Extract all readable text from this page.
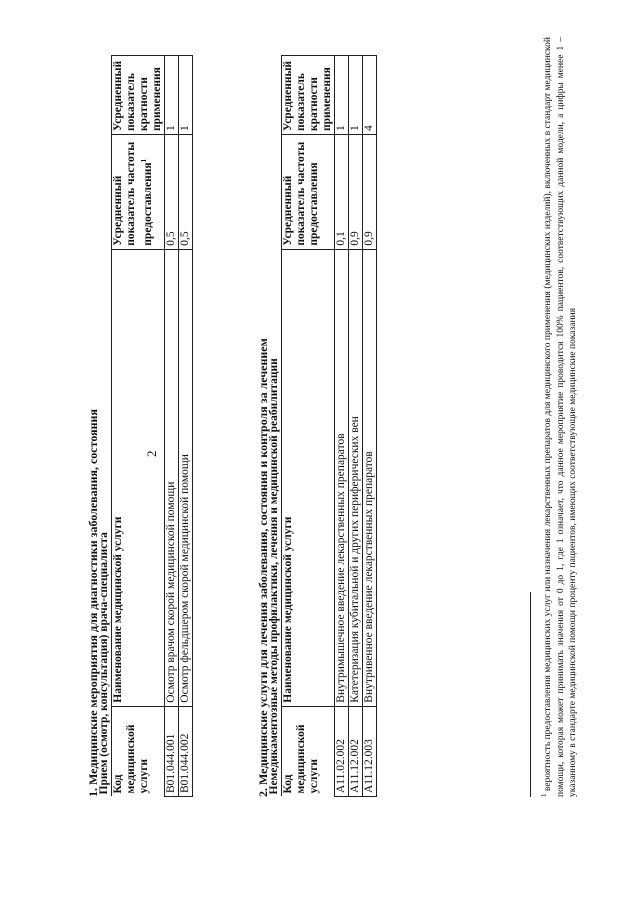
2
1. Медицинские мероприятия для диагностики заболевания, состояния
Прием (осмотр, консультация) врача-специалиста			
Код медицинской услуги	Наименование медицинской услуги	Усредненный показатель частоты предоставления$^1$	Усредненный показатель кратности применения
B01.044.001	Осмотр врачом скорой медицинской помощи	0,5	1
B01.044.002	Осмотр фельдшером скорой медицинской помощи	0,5	1
2. Медицинские услуги для лечения заболевания, состояния и контроля за лечением
Немедикаментозные методы профилактики, лечения и медицинской реабилитации			
Код медицинской услуги	Наименование медицинской услуги	Усредненный показатель частоты предоставления	Усредненный показатель кратности применения
A11.02.002	Внутримышечное введение лекарственных препаратов	0,1	1
A11.12.002	Катетеризация кубитальной и других периферических вен	0,9	1
A11.12.003	Внутривенное введение лекарственных препаратов	0,9	4
$^1$ вероятность предоставления медицинских услуг или назначения лекарственных препаратов для медицинского применения (медицинских изделий), включенных в стандарт медицинской помощи, которая может принимать значения от 0 до 1, где 1 означает, что данное мероприятие проводится 100% пациентов, соответствующих данной модели, а цифры менее 1 – указанному в стандарте медицинской помощи проценту пациентов, имеющих соответствующие медицинские показания
